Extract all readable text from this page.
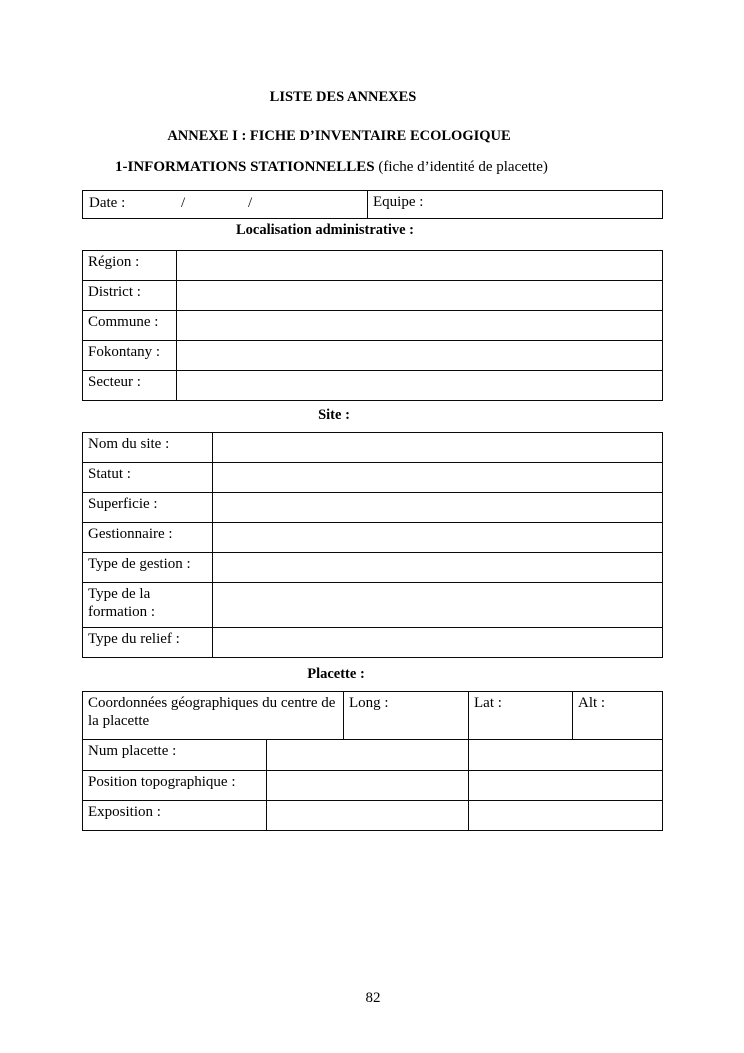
LISTE DES ANNEXES
ANNEXE I : FICHE D’INVENTAIRE ECOLOGIQUE
1-INFORMATIONS STATIONNELLES (fiche d’identité de placette)
Date :	/	/	Equipe :
Localisation administrative :
Région :	
District :	
Commune :	
Fokontany :	
Secteur :	
Site :
Nom du site :	
Statut :	
Superficie :	
Gestionnaire :	
Type de gestion :	
Type de la formation :	
Type du relief :	
Placette :
Coordonnées géographiques du centre de la placette		Long :	Lat :	Alt :
Num placette :				
Position topographique :				
Exposition :				
82
